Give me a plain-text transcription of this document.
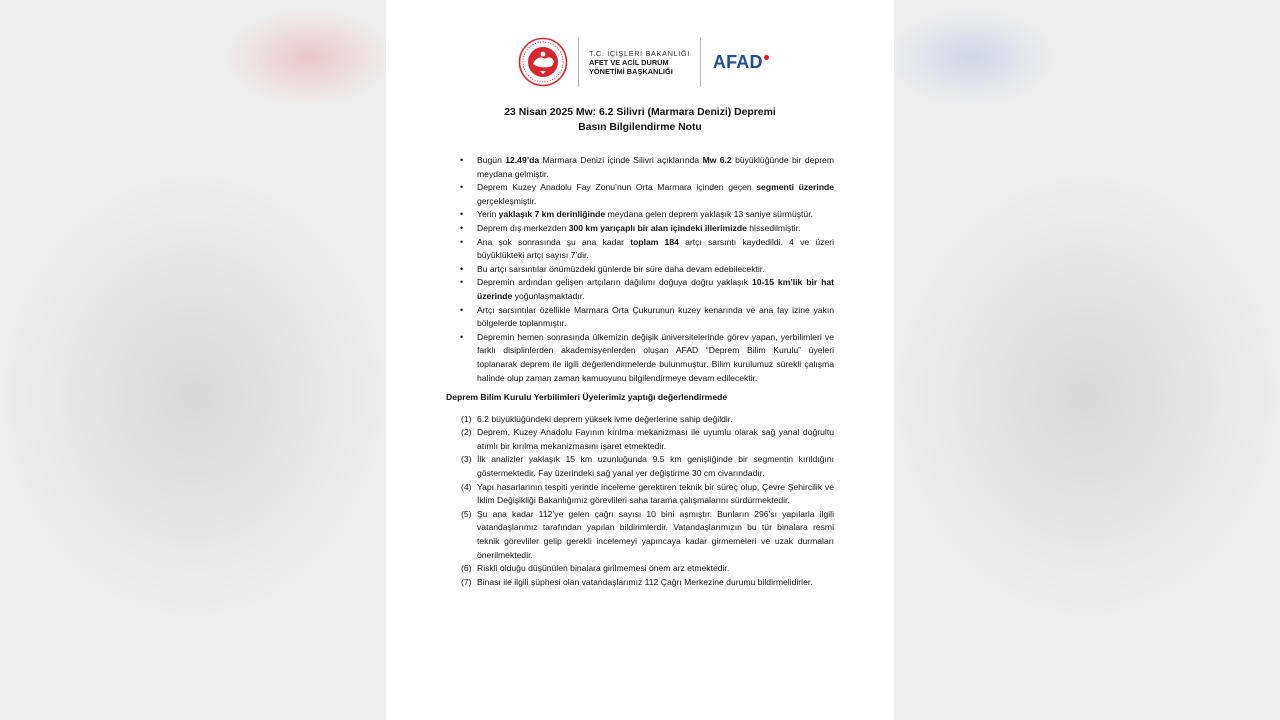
T.C. İÇİŞLERİ BAKANLIĞI
AFET VE ACİL DURUM
YÖNETİMİ BAŞKANLIĞI	AFAD
23 Nisan 2025 Mw: 6.2 Silivri (Marmara Denizi) Depremi
Basın Bilgilendirme Notu
• Bugün 12.49’da Marmara Denizi içinde Silivri açıklarında Mw 6.2 büyüklüğünde bir deprem meydana gelmiştir.
• Deprem Kuzey Anadolu Fay Zonu’nun Orta Marmara içinden geçen segmenti üzerinde gerçekleşmiştir.
• Yerin yaklaşık 7 km derinliğinde meydana gelen deprem yaklaşık 13 saniye sürmüştür.
• Deprem dış merkezden 300 km yarıçaplı bir alan içindeki illerimizde hissedilmiştir.
• Ana şok sonrasında şu ana kadar toplam 184 artçı sarsıntı kaydedildi. 4 ve üzeri büyüklükteki artçı sayısı 7’dir.
• Bu artçı sarsıntılar önümüzdeki günlerde bir süre daha devam edebilecektir.
• Depremin ardından gelişen artçıların dağılımı doğuya doğru yaklaşık 10-15 km’lik bir hat üzerinde yoğunlaşmaktadır.
• Artçı sarsıntılar özellikle Marmara Orta Çukurunun kuzey kenarında ve ana fay izine yakın bölgelerde toplanmıştır.
• Depremin hemen sonrasında ülkemizin değişik üniversitelerinde görev yapan, yerbilimleri ve farklı disiplinlerden akademisyenlerden oluşan AFAD “Deprem Bilim Kurulu” üyeleri toplanarak deprem ile ilgili değerlendirmelerde bulunmuştur. Bilim kurulumuz sürekli çalışma halinde olup zaman zaman kamuoyunu bilgilendirmeye devam edilecektir.
Deprem Bilim Kurulu Yerbilimleri Üyelerimiz yaptığı değerlendirmede
(1) 6.2 büyüklüğündeki deprem yüksek ivme değerlerine sahip değildir.
(2) Deprem, Kuzey Anadolu Fayının kırılma mekanizması ile uyumlu olarak sağ yanal doğrultu atımlı bir kırılma mekanizmasını işaret etmektedir.
(3) İlk analizler yaklaşık 15 km uzunluğunda 9.5 km genişliğinde bir segmentin kırıldığını göstermektedir. Fay üzerindeki sağ yanal yer değiştirme 30 cm civarındadır.
(4) Yapı hasarlarının tespiti yerinde inceleme gerektiren teknik bir süreç olup, Çevre Şehircilik ve İklim Değişikliği Bakanlığımız görevlileri saha tarama çalışmalarını sürdürmektedir.
(5) Şu ana kadar 112’ye gelen çağrı sayısı 10 bini aşmıştır. Bunların 296’sı yapılarla ilgili vatandaşlarımız tarafından yapılan bildirimlerdir. Vatandaşlarımızın bu tür binalara resmi teknik görevliler gelip gerekli incelemeyi yapıncaya kadar girmemeleri ve uzak durmaları önerilmektedir.
(6) Riskli olduğu düşünülen binalara girilmemesi önem arz etmektedir.
(7) Binası ile ilgili şüphesi olan vatandaşlarımız 112 Çağrı Merkezine durumu bildirmelidirler.
